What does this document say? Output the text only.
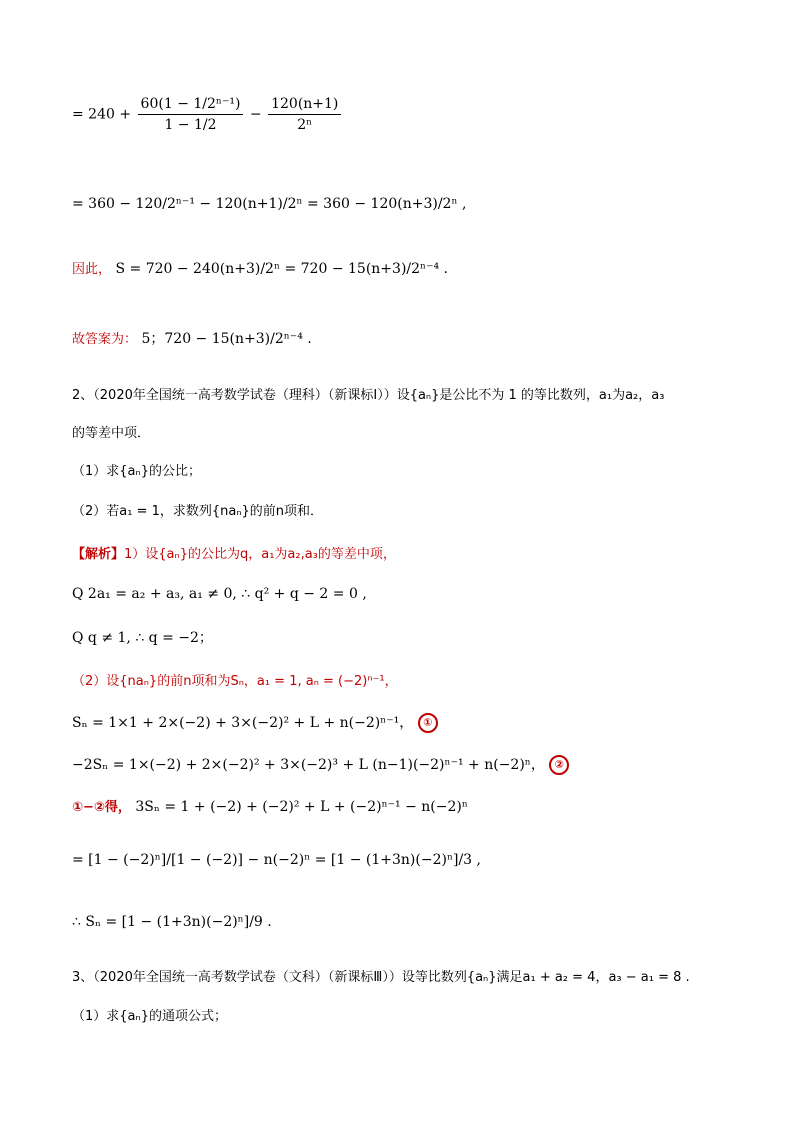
= $240 + \frac{\text{60(1 − 1/2ⁿ⁻¹)}}{1 - 1/2} - \frac{120(n+1)}{\text{2ⁿ}}$
= 360 − 120/2ⁿ⁻¹ − 120(n+1)/2ⁿ = 360 − 120(n+3)/2ⁿ ,
因此， S = 720 − 240(n+3)/2ⁿ = 720 − 15(n+3)/2ⁿ⁻⁴ .
故答案为： 5；720 − 15(n+3)/2ⁿ⁻⁴ .
2、（2020年全国统一高考数学试卷（理科）（新课标Ⅰ））设{aₙ}是公比不为 1 的等比数列，a₁为a₂，a₃
的等差中项．
（1）求{aₙ}的公比；
（2）若a₁ = 1，求数列{naₙ}的前n项和．
【解析】1）设{aₙ}的公比为q，a₁为a₂,a₃的等差中项，
Q 2a₁ = a₂ + a₃, a₁ ≠ 0, ∴ q² + q − 2 = 0 ,
Q q ≠ 1, ∴ q = −2；
（2）设{naₙ}的前n项和为Sₙ，a₁ = 1, aₙ = (−2)ⁿ⁻¹，
Sₙ = 1×1 + 2×(−2) + 3×(−2)² + L + n(−2)ⁿ⁻¹， ①
−2Sₙ = 1×(−2) + 2×(−2)² + 3×(−2)³ + L (n−1)(−2)ⁿ⁻¹ + n(−2)ⁿ， ②
①−②得， 3Sₙ = 1 + (−2) + (−2)² + L + (−2)ⁿ⁻¹ − n(−2)ⁿ
= [1 − (−2)ⁿ]/[1 − (−2)] − n(−2)ⁿ = [1 − (1+3n)(−2)ⁿ]/3 ,
∴ Sₙ = [1 − (1+3n)(−2)ⁿ]/9 .
3、（2020年全国统一高考数学试卷（文科）（新课标Ⅲ））设等比数列{aₙ}满足a₁ + a₂ = 4，a₃ − a₁ = 8 .
（1）求{aₙ}的通项公式；
